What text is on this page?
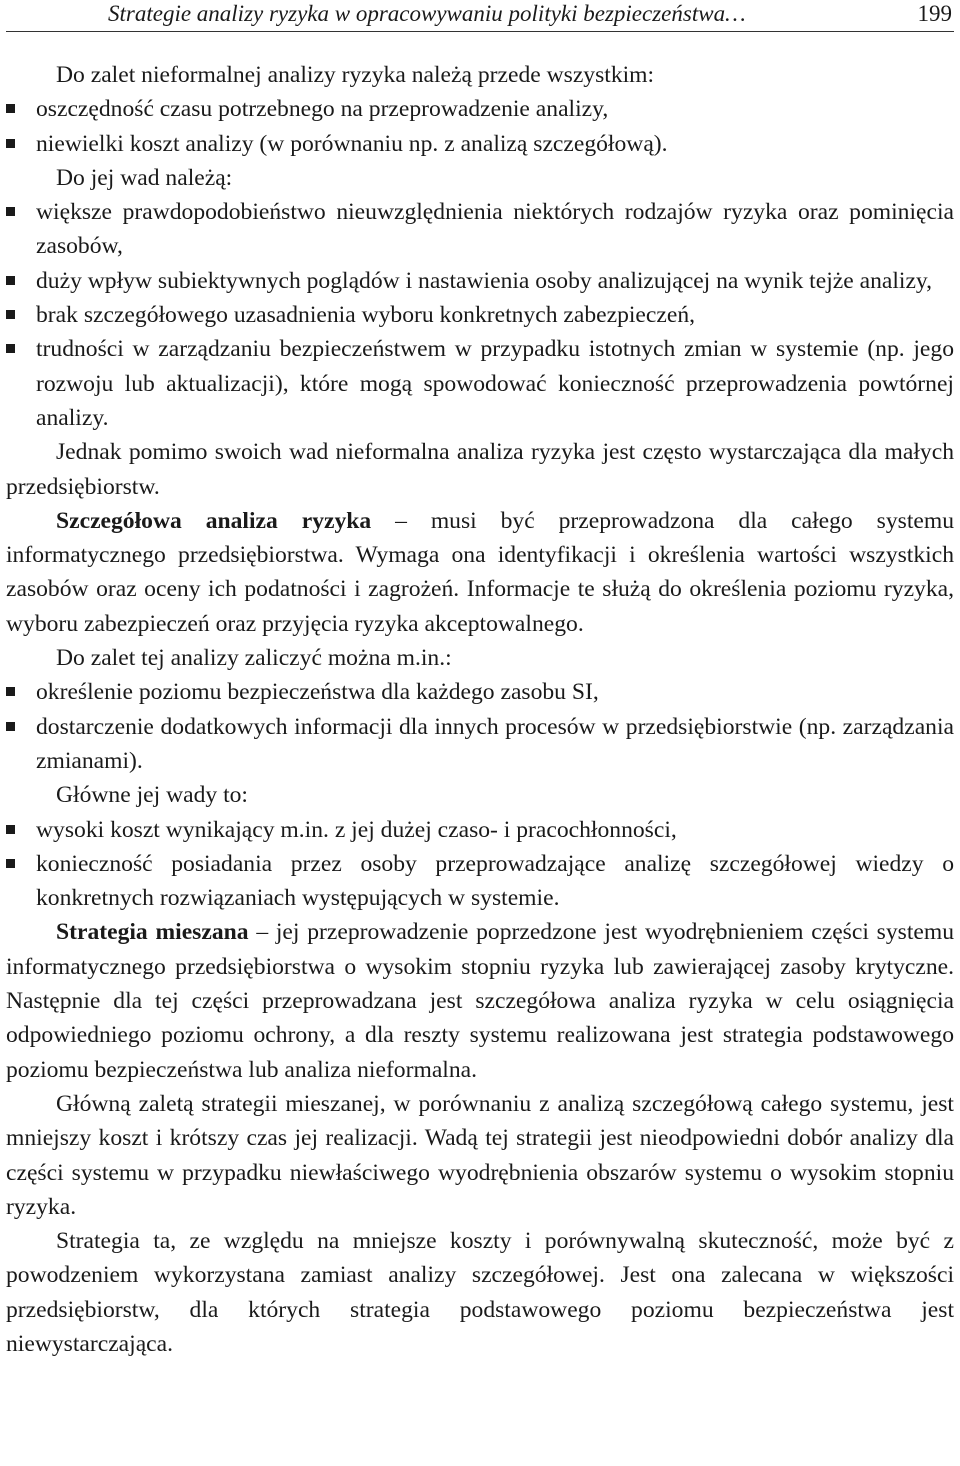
Strategie analizy ryzyka w opracowywaniu polityki bezpieczeństwa…	199

Do zalet nieformalnej analizy ryzyka należą przede wszystkim:

oszczędność czasu potrzebnego na przeprowadzenie analizy,
niewielki koszt analizy (w porównaniu np. z analizą szczegółową).

Do jej wad należą:

większe prawdopodobieństwo nieuwzględnienia niektórych rodzajów ryzyka oraz pominięcia zasobów,
duży wpływ subiektywnych poglądów i nastawienia osoby analizującej na wynik tejże analizy,
brak szczegółowego uzasadnienia wyboru konkretnych zabezpieczeń,
trudności w zarządzaniu bezpieczeństwem w przypadku istotnych zmian w systemie (np. jego rozwoju lub aktualizacji), które mogą spowodować konieczność przeprowadzenia powtórnej analizy.

Jednak pomimo swoich wad nieformalna analiza ryzyka jest często wystarczająca dla małych przedsiębiorstw.

Szczegółowa analiza ryzyka – musi być przeprowadzona dla całego systemu informatycznego przedsiębiorstwa. Wymaga ona identyfikacji i określenia wartości wszystkich zasobów oraz oceny ich podatności i zagrożeń. Informacje te służą do określenia poziomu ryzyka, wyboru zabezpieczeń oraz przyjęcia ryzyka akceptowalnego.

Do zalet tej analizy zaliczyć można m.in.:

określenie poziomu bezpieczeństwa dla każdego zasobu SI,
dostarczenie dodatkowych informacji dla innych procesów w przedsiębiorstwie (np. zarządzania zmianami).

Główne jej wady to:

wysoki koszt wynikający m.in. z jej dużej czaso- i pracochłonności,
konieczność posiadania przez osoby przeprowadzające analizę szczegółowej wiedzy o konkretnych rozwiązaniach występujących w systemie.

Strategia mieszana – jej przeprowadzenie poprzedzone jest wyodrębnieniem części systemu informatycznego przedsiębiorstwa o wysokim stopniu ryzyka lub zawierającej zasoby krytyczne. Następnie dla tej części przeprowadzana jest szczegółowa analiza ryzyka w celu osiągnięcia odpowiedniego poziomu ochrony, a dla reszty systemu realizowana jest strategia podstawowego poziomu bezpieczeństwa lub analiza nieformalna.

Główną zaletą strategii mieszanej, w porównaniu z analizą szczegółową całego systemu, jest mniejszy koszt i krótszy czas jej realizacji. Wadą tej strategii jest nieodpowiedni dobór analizy dla części systemu w przypadku niewłaściwego wyodrębnienia obszarów systemu o wysokim stopniu ryzyka.

Strategia ta, ze względu na mniejsze koszty i porównywalną skuteczność, może być z powodzeniem wykorzystana zamiast analizy szczegółowej. Jest ona zalecana w większości przedsiębiorstw, dla których strategia podstawowego poziomu bezpieczeństwa jest niewystarczająca.
